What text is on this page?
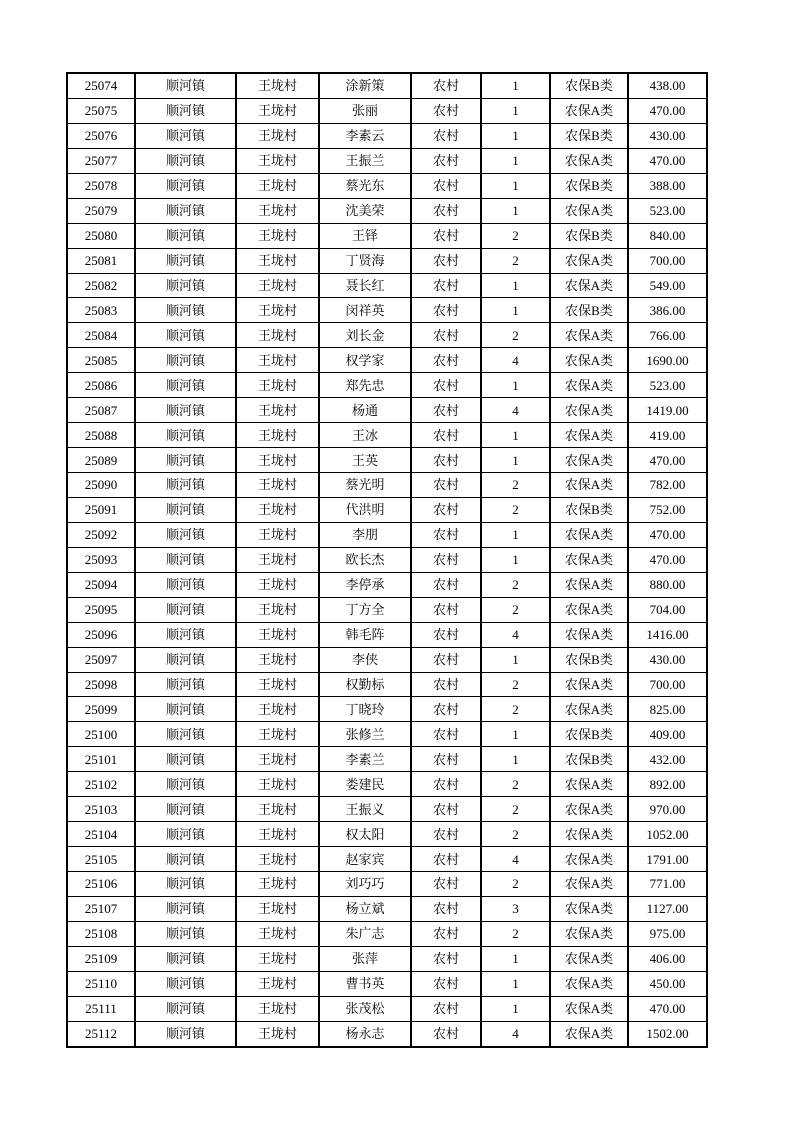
25074	顺河镇	王垅村	涂新策	农村	1	农保B类	438.00
25075	顺河镇	王垅村	张丽	农村	1	农保A类	470.00
25076	顺河镇	王垅村	李素云	农村	1	农保B类	430.00
25077	顺河镇	王垅村	王振兰	农村	1	农保A类	470.00
25078	顺河镇	王垅村	蔡光东	农村	1	农保B类	388.00
25079	顺河镇	王垅村	沈美荣	农村	1	农保A类	523.00
25080	顺河镇	王垅村	王铎	农村	2	农保B类	840.00
25081	顺河镇	王垅村	丁贤海	农村	2	农保A类	700.00
25082	顺河镇	王垅村	聂长红	农村	1	农保A类	549.00
25083	顺河镇	王垅村	闵祥英	农村	1	农保B类	386.00
25084	顺河镇	王垅村	刘长金	农村	2	农保A类	766.00
25085	顺河镇	王垅村	权学家	农村	4	农保A类	1690.00
25086	顺河镇	王垅村	郑先忠	农村	1	农保A类	523.00
25087	顺河镇	王垅村	杨通	农村	4	农保A类	1419.00
25088	顺河镇	王垅村	王冰	农村	1	农保A类	419.00
25089	顺河镇	王垅村	王英	农村	1	农保A类	470.00
25090	顺河镇	王垅村	蔡光明	农村	2	农保A类	782.00
25091	顺河镇	王垅村	代洪明	农村	2	农保B类	752.00
25092	顺河镇	王垅村	李朋	农村	1	农保A类	470.00
25093	顺河镇	王垅村	欧长杰	农村	1	农保A类	470.00
25094	顺河镇	王垅村	李停承	农村	2	农保A类	880.00
25095	顺河镇	王垅村	丁方全	农村	2	农保A类	704.00
25096	顺河镇	王垅村	韩毛阵	农村	4	农保A类	1416.00
25097	顺河镇	王垅村	李侠	农村	1	农保B类	430.00
25098	顺河镇	王垅村	权勤标	农村	2	农保A类	700.00
25099	顺河镇	王垅村	丁晓玲	农村	2	农保A类	825.00
25100	顺河镇	王垅村	张修兰	农村	1	农保B类	409.00
25101	顺河镇	王垅村	李素兰	农村	1	农保B类	432.00
25102	顺河镇	王垅村	娄建民	农村	2	农保A类	892.00
25103	顺河镇	王垅村	王振义	农村	2	农保A类	970.00
25104	顺河镇	王垅村	权太阳	农村	2	农保A类	1052.00
25105	顺河镇	王垅村	赵家宾	农村	4	农保A类	1791.00
25106	顺河镇	王垅村	刘巧巧	农村	2	农保A类	771.00
25107	顺河镇	王垅村	杨立斌	农村	3	农保A类	1127.00
25108	顺河镇	王垅村	朱广志	农村	2	农保A类	975.00
25109	顺河镇	王垅村	张萍	农村	1	农保A类	406.00
25110	顺河镇	王垅村	曹书英	农村	1	农保A类	450.00
25111	顺河镇	王垅村	张茂松	农村	1	农保A类	470.00
25112	顺河镇	王垅村	杨永志	农村	4	农保A类	1502.00
